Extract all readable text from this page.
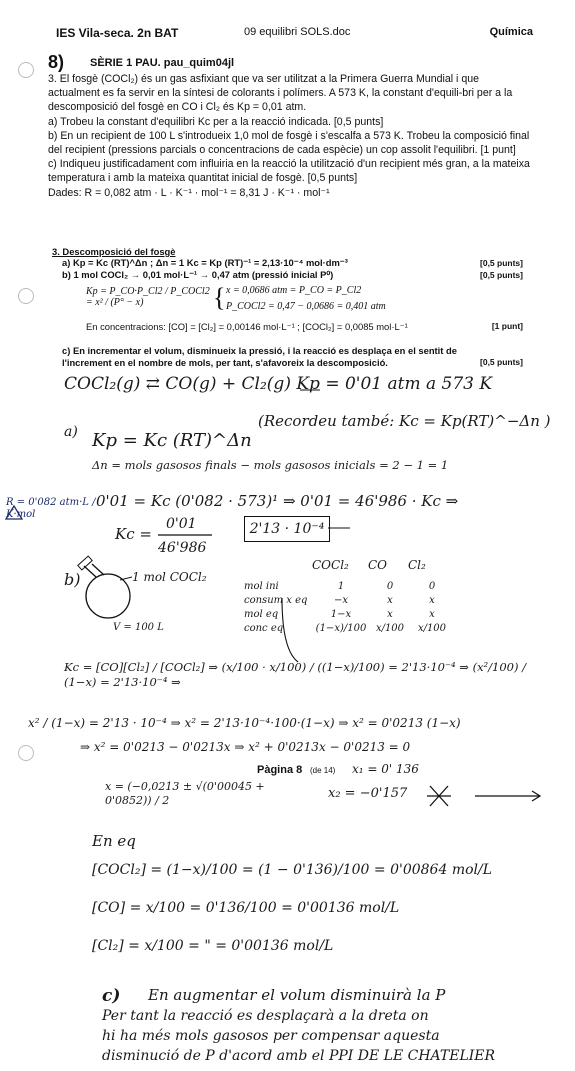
IES Vila-seca. 2n BAT	09 equilibri SOLS.doc	Química
8) SÈRIE 1 PAU. pau_quim04jl

3. El fosgè (COCl₂) és un gas asfixiant que va ser utilitzat a la Primera Guerra Mundial i que actualment es fa servir en la síntesi de colorants i polímers. A 573 K, la constant d'equili-bri per a la descomposició del fosgè en CO i Cl₂ és Kp = 0,01 atm.

a) Trobeu la constant d'equilibri Kc per a la reacció indicada. [0,5 punts]

b) En un recipient de 100 L s'introdueix 1,0 mol de fosgè i s'escalfa a 573 K. Trobeu la composició final del recipient (pressions parcials o concentracions de cada espècie) un cop assolit l'equilibri. [1 punt]

c) Indiqueu justificadament com influiria en la reacció la utilització d'un recipient més gran, a la mateixa temperatura i amb la mateixa quantitat inicial de fosgè. [0,5 punts]

Dades: R = 0,082 atm · L · K⁻¹ · mol⁻¹ = 8,31 J · K⁻¹ · mol⁻¹

3. Descomposició del fosgè
a) Kp = Kc (RT)^Δn ; Δn = 1 Kc = Kp (RT)⁻¹ = 2,13·10⁻⁴ mol·dm⁻³	[0,5 punts]
b) 1 mol COCl₂ → 0,01 mol·L⁻¹ → 0,47 atm (pressió inicial P⁰)	[0,5 punts]
Kp = P_CO·P_Cl2 / P_COCl2 = x² / (P° − x)	{ x = 0,0686 atm = P_CO = P_Cl2
P_COCl2 = 0,47 − 0,0686 = 0,401 atm
En concentracions: [CO] = [Cl₂] = 0,00146 mol·L⁻¹ ; [COCl₂] = 0,0085 mol·L⁻¹	[1 punt]
c) En incrementar el volum, disminueix la pressió, i la reacció es desplaça en el sentit de l'increment en el nombre de mols, per tant, s'afavoreix la descomposició.	[0,5 punts]
COCl₂(g) ⇄ CO(g) + Cl₂(g) Kp = 0'01 atm a 573 K
a) Kp = Kc (RT)^Δn
(Recordeu també: Kc = Kp(RT)^−Δn )
Δn = mols gasosos finals − mols gasosos inicials = 2 − 1 = 1
R = 0'082 atm·L / K·mol
0'01 = Kc (0'082 · 573)¹ ⇒ 0'01 = 46'986 · Kc ⇒
Kc =
0'01
46'986
2'13 · 10⁻⁴
b)	1 mol COCl₂
V = 100 L
COCl₂	CO	Cl₂
mol ini	1	0	0
consum x eq	−x	x	x
mol eq	1−x	x	x
conc eq	(1−x)/100 x/100	x/100
Kc = [CO][Cl₂] / [COCl₂] ⇒ (x/100 · x/100) / ((1−x)/100) = 2'13·10⁻⁴ ⇒ (x²/100) / (1−x) = 2'13·10⁻⁴ ⇒
x² / (1−x) = 2'13 · 10⁻⁴ ⇒ x² = 2'13·10⁻⁴·100·(1−x) ⇒ x² = 0'0213 (1−x)
⇒ x² = 0'0213 − 0'0213x ⇒ x² + 0'0213x − 0'0213 = 0
Pàgina 8 (de 14) x₁ = 0' 136
x = (−0,0213 ± √(0'00045 + 0'0852)) / 2	x₂ = −0'157
En eq
[COCl₂] = (1−x)/100 = (1 − 0'136)/100 = 0'00864 mol/L
[CO] = x/100 = 0'136/100 = 0'00136 mol/L
[Cl₂] = x/100 = " = 0'00136 mol/L
c) En augmentar el volum disminuirà la P
Per tant la reacció es desplaçarà a la dreta on
hi ha més mols gasosos per compensar aquesta
disminució de P d'acord amb el PPI DE LE CHATELIER
